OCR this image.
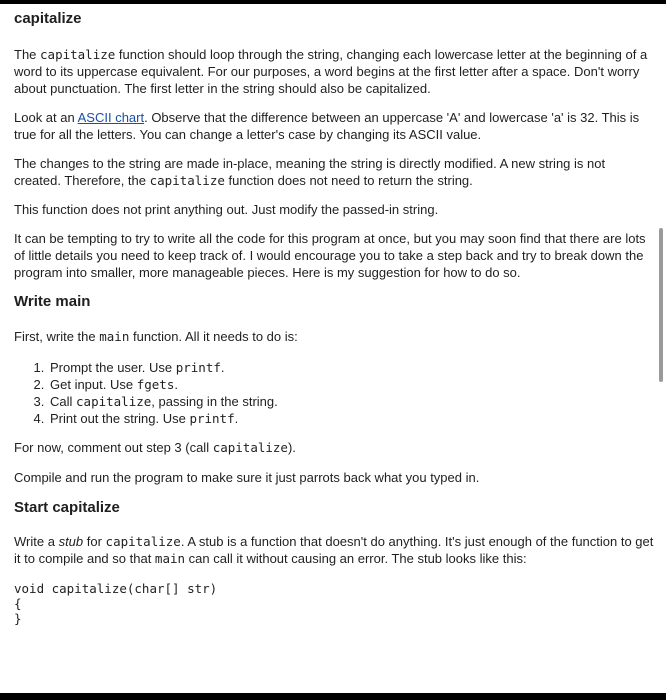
capitalize

The capitalize function should loop through the string, changing each lowercase letter at the beginning of a word to its uppercase equivalent. For our purposes, a word begins at the first letter after a space. Don't worry about punctuation. The first letter in the string should also be capitalized.

Look at an ASCII chart. Observe that the difference between an uppercase 'A' and lowercase 'a' is 32. This is true for all the letters. You can change a letter's case by changing its ASCII value.

The changes to the string are made in-place, meaning the string is directly modified. A new string is not created. Therefore, the capitalize function does not need to return the string.

This function does not print anything out. Just modify the passed-in string.

It can be tempting to try to write all the code for this program at once, but you may soon find that there are lots of little details you need to keep track of. I would encourage you to take a step back and try to break down the program into smaller, more manageable pieces. Here is my suggestion for how to do so.

Write main

First, write the main function. All it needs to do is:

1. Prompt the user. Use printf.
2. Get input. Use fgets.
3. Call capitalize, passing in the string.
4. Print out the string. Use printf.

For now, comment out step 3 (call capitalize).

Compile and run the program to make sure it just parrots back what you typed in.

Start capitalize

Write a stub for capitalize. A stub is a function that doesn't do anything. It's just enough of the function to get it to compile and so that main can call it without causing an error. The stub looks like this:

void capitalize(char[] str)
{
}
